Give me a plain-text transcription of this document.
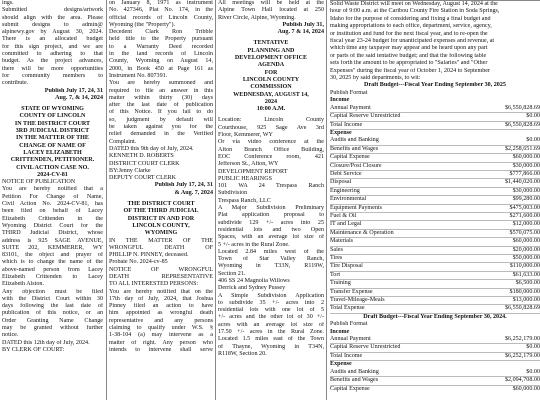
ings.
Submitted designs/artwork
should align with the area. Please
submit designs to admin@
alpinewy.gov by August 30, 2024.
There is an allocated budget
for this sign project, and we are
committed to adhering to that
budget. As the project advances,
there will be more opportunities
for community members to
contribute.
Publish July 17, 24, 31
Aug. 7, & 14, 2024
STATE OF WYOMING
COUNTY OF LINCOLN
IN THE DISTRICT COURT
3RD JUDICIAL DISTRICT
IN THE MATTER OF THE
CHANGE OF NAME OF
LACEY ELIZABETH
CRITTENDEN, PETITIONER.
CIVIL ACTION CASE NO.
2024-CV-81
NOTICE OF PUBLICATION
You are hereby notified that a
Petition For Change of Name,
Civil Action No. 2024-CV-81, has
been filed on behalf of Lacey
Elizabeth Crittenden in the
Wyoming District Court for the
THIRD Judicial District, whose
address is 925 SAGE AVENUE,
SUITE 202, KEMMERER, WY
83101, the object and prayer of
which is to change the name of the
above-named person from Lacey
Elizabeth Crittenden to Lacey
Elizabeth Alston.
Any objection must be filed
with the District Court within 30
days following the last date of
publication of this notice, or an
Order Granting Name Change
may be granted without further
notice.
DATED this 12th day of July, 2024.
BY CLERK OF COURT:
on January 8, 1971 as instrument
No. 427346, Plat No. 174, in the
official records of Lincoln County,
Wyoming (the "Property").
Decedent Clark Ron Tribble
held title to the Property pursuant
to a Warranty Deed recorded
in the land records of Lincoln
County, Wyoming on August 14,
2000, in Book 450 at Page 161 as
Instrument No. 807391.
You are hereby summoned and
required to file an answer in this
matter within thirty (30) days
after the last date of publication
of this Notice. If you fail to do
so, judgment by default will
be taken against you for the
relief demanded in the Verified
Complaint.
DATED this 9th day of July, 2024.
KENNETH D. ROBERTS
DISTRICT COURT CLERK
BY:Jenny Clarke
DEPUTY COURT CLERK
Publish July 17, 24, 31
& Aug. 7, 2024
THE DISTRICT COURT
OF THE THIRD JUDICIAL
DISTRICT IN AND FOR
LINCOLN COUNTY,
WYOMING
IN THE MATTER OF THE
WRONGFUL DEATH OF
PHILLIP N. PINNEY, deceased.
Probate No. 2024-cv-85
NOTICE OF WRONGFUL
DEATH REPRESENTATIVE
TO ALL INTERESTED PERSONS:
You are hereby notified that on the
17th day of July, 2024, that Joshua
Pinney filed an action to have
him appointed as wrongful death
representative and any persons
claiming to qualify under W.S. §
1-38-104 (a) may intervene as a
matter of right. Any person who
intends to intervene shall serve
All meetings will be held at the
Alpine Town Hall located at 250
River Circle, Alpine, Wyoming.
Publish July 31,
Aug. 7 & 14, 2024
TENTATIVE
PLANNING AND
DEVELOPMENT OFFICE
AGENDA
FOR
LINCOLN COUNTY
COMMISSION
WEDNESDAY, AUGUST 14,
2024
10:00 A.M.
Location: Lincoln County
Courthouse, 925 Sage Ave 3rd
Floor, Kemmerer, WY
Or via video conference at the
Afton Branch Office Building,
EOC Conference room, 421
Jefferson St., Afton, WY
DEVELOPMENT REPORT
PUBLIC HEARINGS
101 WA 24 Trespass Ranch
Subdivision
Trespass Ranch, LLC
A Major Subdivision Preliminary
Plat application proposal to
subdivide 129 +/- acres into 25
residential lots and two Open
Spaces, with an average lot size of
5 +/- acres in the Rural Zone.
Located 2.84 miles west of the
Town of Star Valley Ranch,
Wyoming in T33N, R119W,
Section 21.
406 SS 24 Magnolia Willows
Derrick and Sydney Pussey
A Simple Subdivision Application
to subdivide 35 +/- acres into 2
residential lots with one lot of 5
+/- acres and the other lot of 30 +/-
acres with an average lot size of
17.50 +/- acres in the Rural Zone.
Located 1.5 miles east of the Town
of Thayne, Wyoming in T34N,
R118W, Section 20.
Solid Waste District will meet on Wednesday, August 14, 2024 at the
hour of 9:00 a.m. at the Caribou County Fire Station in Soda Springs,
Idaho for the purpose of considering and fixing a final budget and
making appropriations to each office, department, service, agency,
or institution and fund for the next fiscal year, and to re-open the
fiscal year 23-24 budget for unanticipated expenses and revenue, at
which time any taxpayer may appear and be heard upon any part
or parts of the said tentative budget; and that the following table
sets forth the amount to be appropriated to "Salaries" and "Other
Expenses" during the fiscal year of October 1, 2024 to September
30, 2025 by said departments, to wit:
Draft Budget---Fiscal Year Ending September 30, 2025
Publish Format
Income
Annual Payment	$6,550,828.69
Capital Reserve Unrestricted	$0.00
Total Income	$6,550,828.69
Expense
Audits and Banking	$0.00
Benefits and Wages	$2,258,651.69
Capital Expense	$60,000.00
Closure/Post Closure	$30,000.00
Debt Service	$777,866.00
Disposal	$1,440,020.00
Engineering	$30,000.00
Environmental	$99,280.00
Equipment Payments	$475,003.00
Fuel & Oil	$271,600.00
IT and Legal	$12,000.00
Maintenance & Operation	$570,075.00
Materials	$60,000.00
Sales	$20,000.00
Tires	$50,000.00
Tire Disposal	$110,000.00
Tort	$61,633.00
Training	$6,500.00
Transfer Expense	$180,000.00
Travel-Mileage-Meals	$13,000.00
Total Expense	$6,550,828.69
Draft Budget---Fiscal Year Ending September 30, 2024.
Publish Format
Income
Annual Payment	$6,252,179.00
Capital Reserve Unrestricted	$0.00
Total Income	$6,252,179.00
Expense
Audits and Banking	$0.00
Benefits and Wages	$2,094,708.00
Capital Expense	$60,000.00
